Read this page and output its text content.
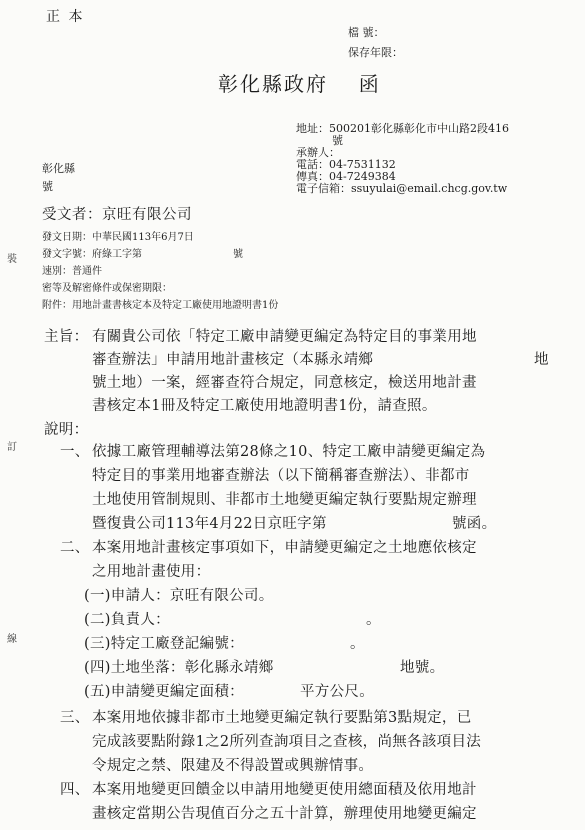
正 本
檔 號：
保存年限：
彰化縣政府 函
地址：500201彰化縣彰化市中山路2段416
號
承辦人：
電話：04-7531132
傳真：04-7249384
電子信箱：ssuyulai@email.chcg.gov.tw
彰化縣
號
受文者：京旺有限公司
發文日期：中華民國113年6月7日
發文字號：府綠工字第	號
速別：普通件
密等及解密條件或保密期限：
附件：用地計畫書核定本及特定工廠使用地證明書1份
裝
訂
線
主旨： 有關貴公司依「特定工廠申請變更編定為特定目的事業用地
審查辦法」申請用地計畫核定（本縣永靖鄉	地
號土地）一案，經審查符合規定，同意核定，檢送用地計畫
書核定本1冊及特定工廠使用地證明書1份，請查照。
說明：
一、 依據工廠管理輔導法第28條之10、特定工廠申請變更編定為
特定目的事業用地審查辦法（以下簡稱審查辦法）、非都市
土地使用管制規則、非都市土地變更編定執行要點規定辦理
暨復貴公司113年4月22日京旺字第	號函。
二、 本案用地計畫核定事項如下，申請變更編定之土地應依核定
之用地計畫使用：
(一)申請人：京旺有限公司。
(二)負責人：	。
(三)特定工廠登記編號：	。
(四)土地坐落：彰化縣永靖鄉	地號。
(五)申請變更編定面積：	平方公尺。
三、 本案用地依據非都市土地變更編定執行要點第3點規定，已
完成該要點附錄1之2所列查詢項目之查核，尚無各該項目法
令規定之禁、限建及不得設置或興辦情事。
四、 本案用地變更回饋金以申請用地變更使用總面積及依用地計
畫核定當期公告現值百分之五十計算，辦理使用地變更編定
